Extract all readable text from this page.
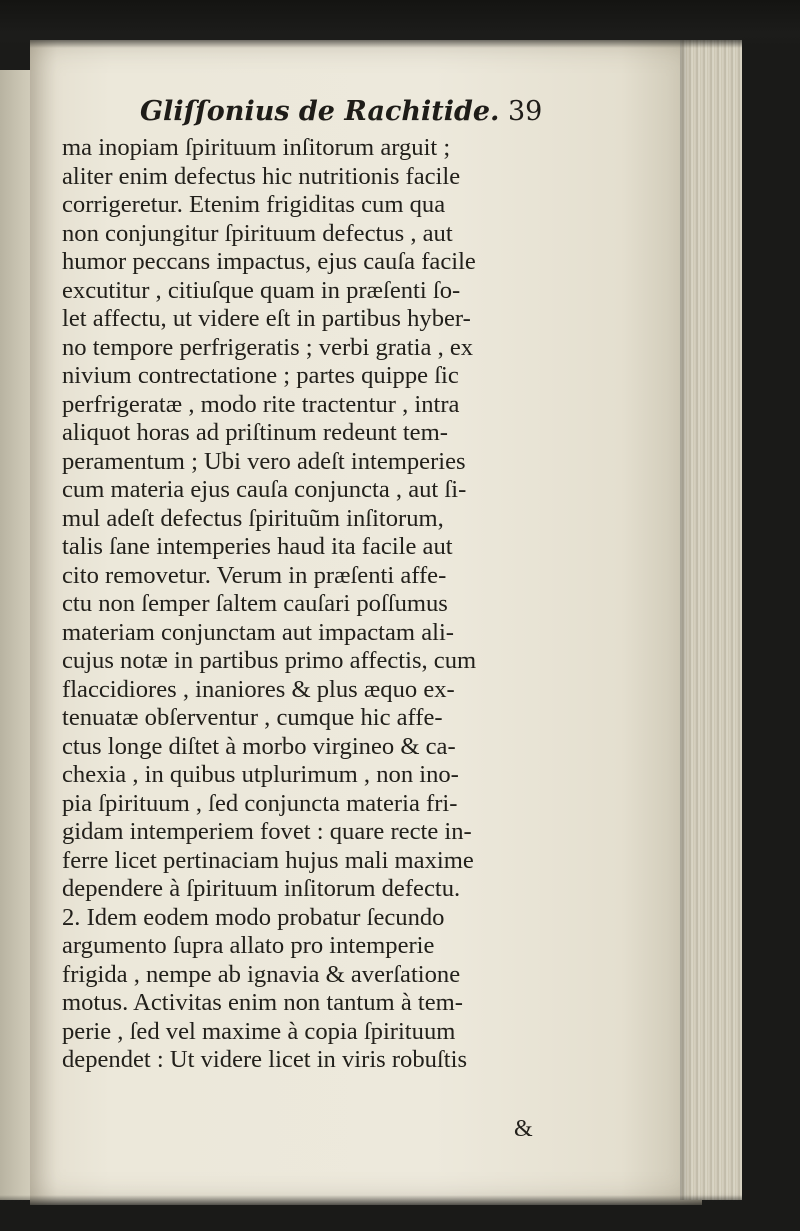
Gliſſonius de Rachitide. 39
ma inopiam ſpirituum inſitorum arguit ;
aliter enim defectus hic nutritionis facile
corrigeretur. Etenim frigiditas cum qua
non conjungitur ſpirituum defectus , aut
humor peccans impactus, ejus cauſa facile
excutitur , citiuſque quam in præſenti ſo-
let affectu, ut videre eſt in partibus hyber-
no tempore perfrigeratis ; verbi gratia , ex
nivium contrectatione ; partes quippe ſic
perfrigeratæ , modo rite tractentur , intra
aliquot horas ad priſtinum redeunt tem-
peramentum ; Ubi vero adeſt intemperies
cum materia ejus cauſa conjuncta , aut ſi-
mul adeſt defectus ſpirituũm inſitorum,
talis ſane intemperies haud ita facile aut
cito removetur. Verum in præſenti affe-
ctu non ſemper ſaltem cauſari poſſumus
materiam conjunctam aut impactam ali-
cujus notæ in partibus primo affectis, cum
flaccidiores , inaniores & plus æquo ex-
tenuatæ obſerventur , cumque hic affe-
ctus longe diſtet à morbo virgineo & ca-
chexia , in quibus utplurimum , non ino-
pia ſpirituum , ſed conjuncta materia fri-
gidam intemperiem fovet : quare recte in-
ferre licet pertinaciam hujus mali maxime
dependere à ſpirituum inſitorum defectu.
2. Idem eodem modo probatur ſecundo
argumento ſupra allato pro intemperie
frigida , nempe ab ignavia & averſatione
motus. Activitas enim non tantum à tem-
perie , ſed vel maxime à copia ſpirituum
dependet : Ut videre licet in viris robuſtis
&
